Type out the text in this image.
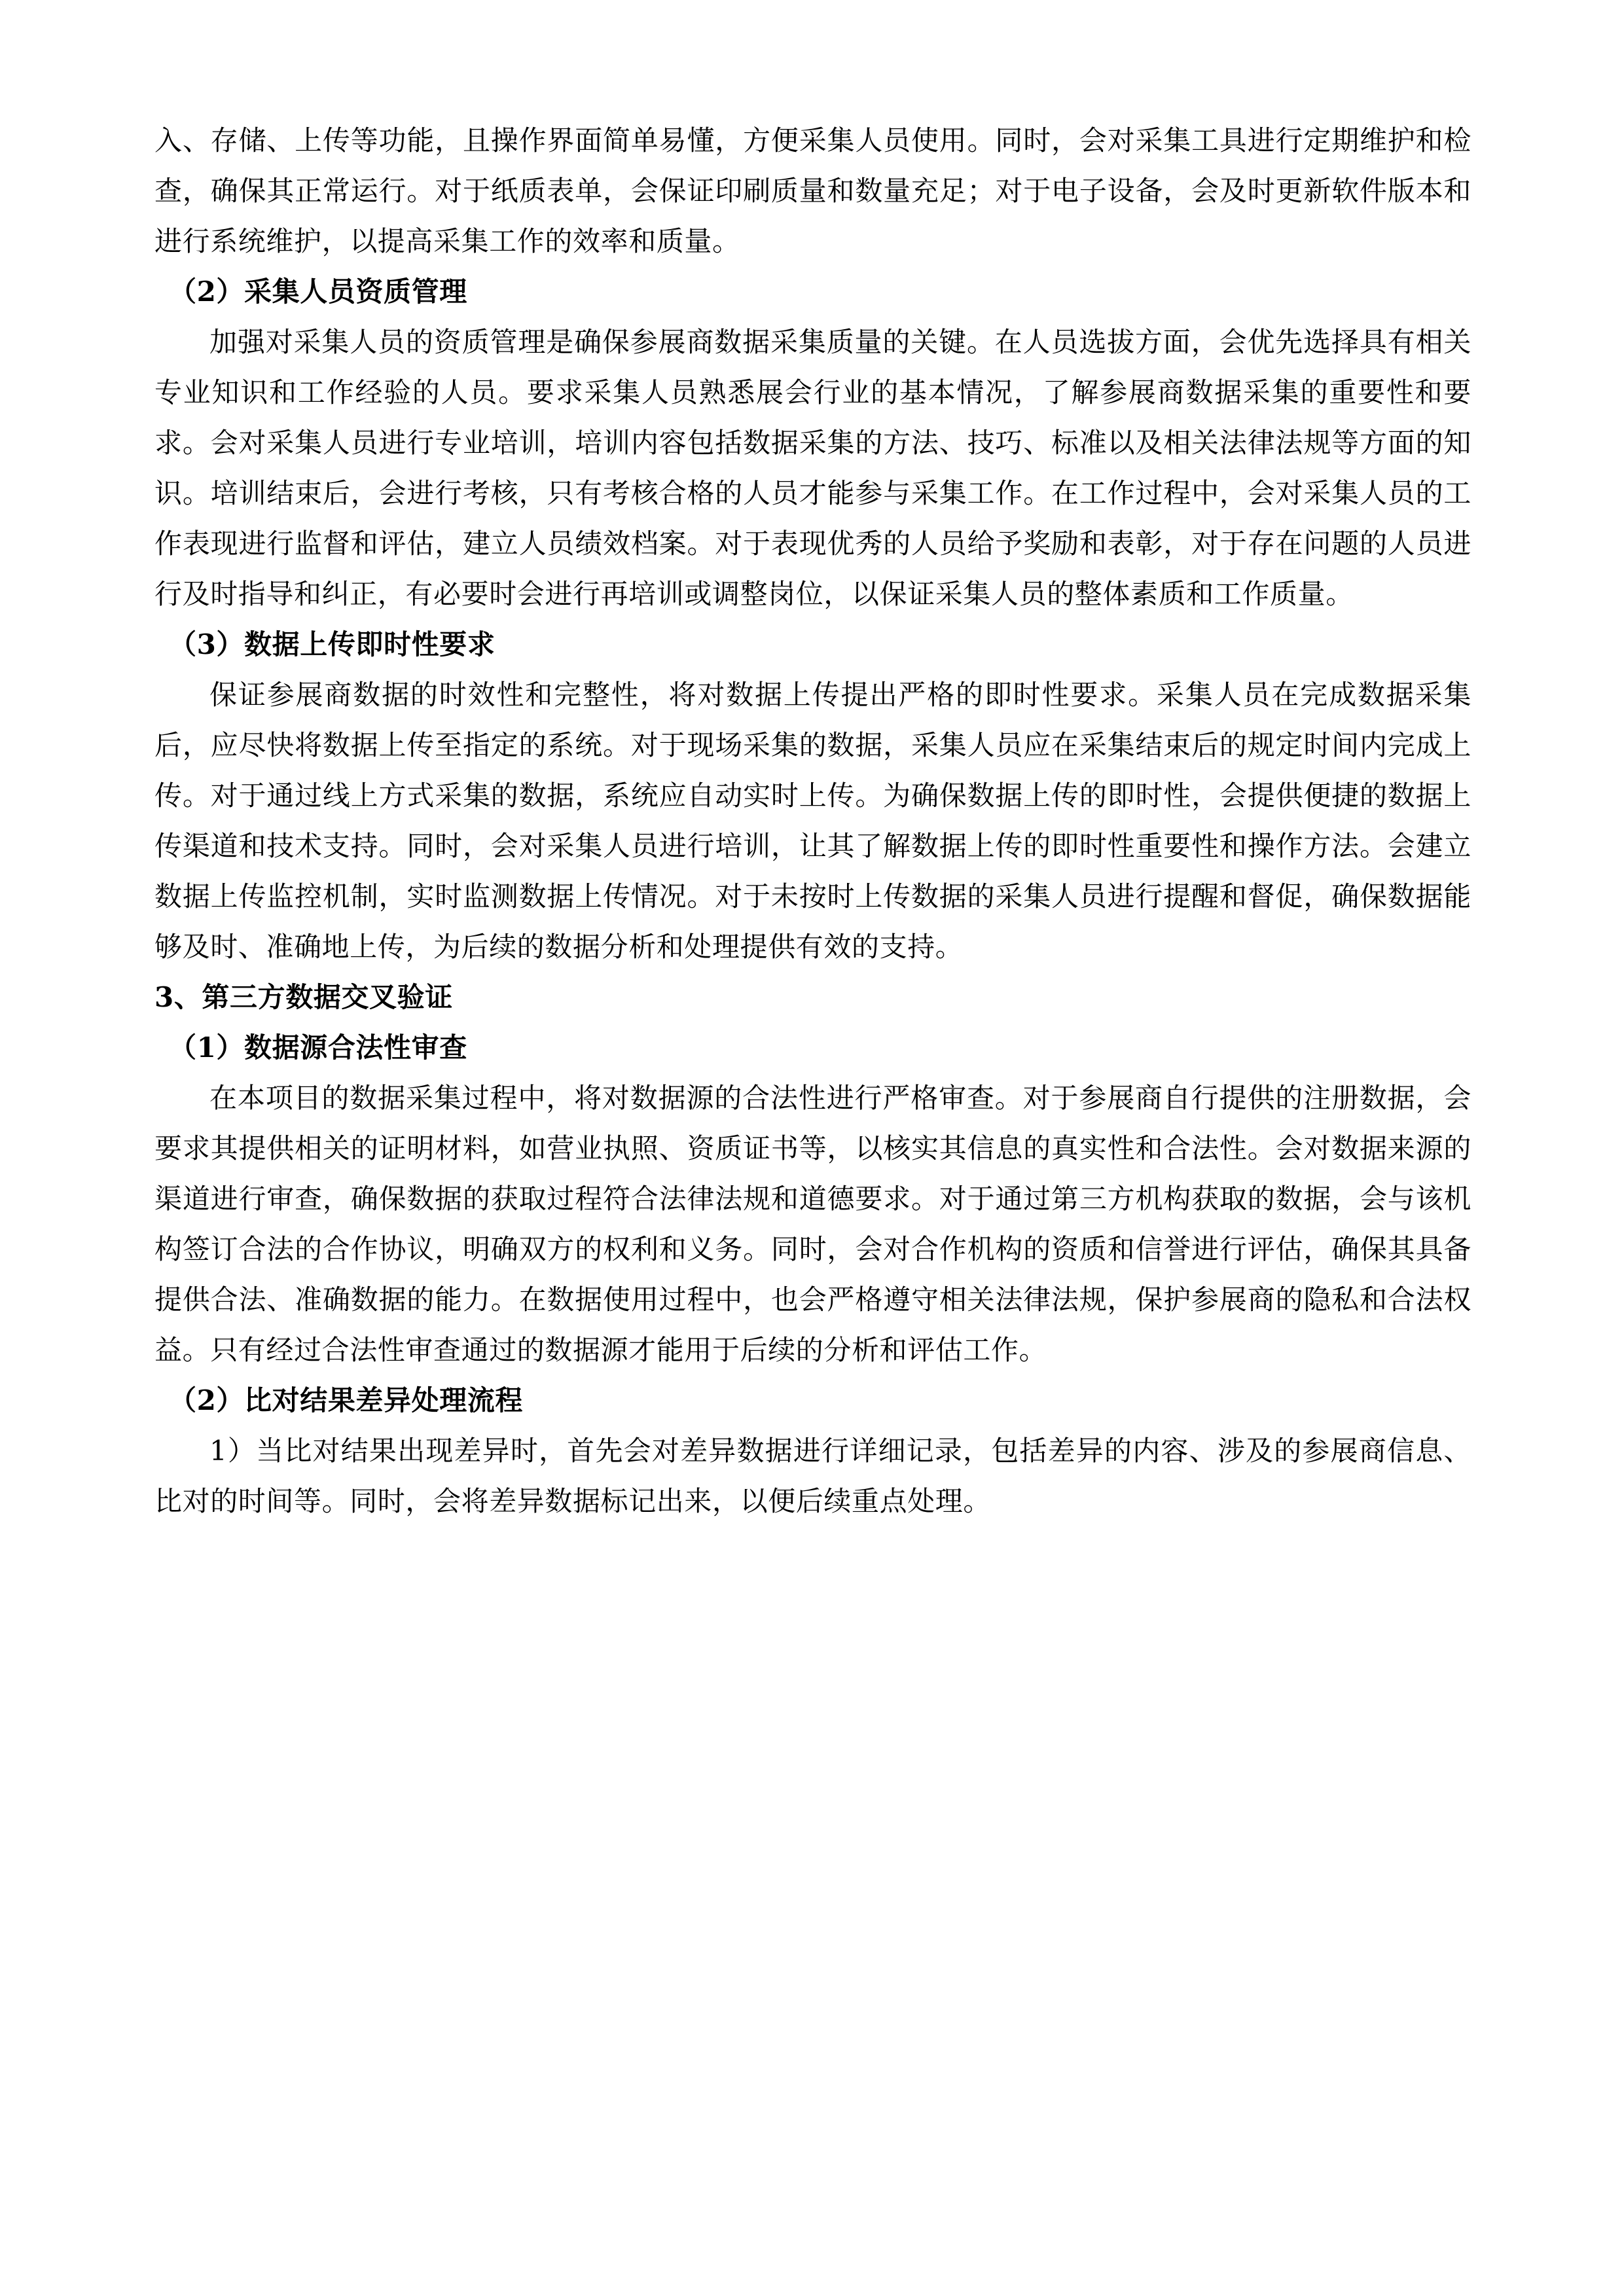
入、存储、上传等功能，且操作界面简单易懂，方便采集人员使用。同时，会对采集工具进行定期维护和检查，确保其正常运行。对于纸质表单，会保证印刷质量和数量充足；对于电子设备，会及时更新软件版本和进行系统维护，以提高采集工作的效率和质量。

（2）采集人员资质管理

加强对采集人员的资质管理是确保参展商数据采集质量的关键。在人员选拔方面，会优先选择具有相关专业知识和工作经验的人员。要求采集人员熟悉展会行业的基本情况，了解参展商数据采集的重要性和要求。会对采集人员进行专业培训，培训内容包括数据采集的方法、技巧、标准以及相关法律法规等方面的知识。培训结束后，会进行考核，只有考核合格的人员才能参与采集工作。在工作过程中，会对采集人员的工作表现进行监督和评估，建立人员绩效档案。对于表现优秀的人员给予奖励和表彰，对于存在问题的人员进行及时指导和纠正，有必要时会进行再培训或调整岗位，以保证采集人员的整体素质和工作质量。

（3）数据上传即时性要求

保证参展商数据的时效性和完整性，将对数据上传提出严格的即时性要求。采集人员在完成数据采集后，应尽快将数据上传至指定的系统。对于现场采集的数据，采集人员应在采集结束后的规定时间内完成上传。对于通过线上方式采集的数据，系统应自动实时上传。为确保数据上传的即时性，会提供便捷的数据上传渠道和技术支持。同时，会对采集人员进行培训，让其了解数据上传的即时性重要性和操作方法。会建立数据上传监控机制，实时监测数据上传情况。对于未按时上传数据的采集人员进行提醒和督促，确保数据能够及时、准确地上传，为后续的数据分析和处理提供有效的支持。

3、第三方数据交叉验证

（1）数据源合法性审查

在本项目的数据采集过程中，将对数据源的合法性进行严格审查。对于参展商自行提供的注册数据，会要求其提供相关的证明材料，如营业执照、资质证书等，以核实其信息的真实性和合法性。会对数据来源的渠道进行审查，确保数据的获取过程符合法律法规和道德要求。对于通过第三方机构获取的数据，会与该机构签订合法的合作协议，明确双方的权利和义务。同时，会对合作机构的资质和信誉进行评估，确保其具备提供合法、准确数据的能力。在数据使用过程中，也会严格遵守相关法律法规，保护参展商的隐私和合法权益。只有经过合法性审查通过的数据源才能用于后续的分析和评估工作。

（2）比对结果差异处理流程

1）当比对结果出现差异时，首先会对差异数据进行详细记录，包括差异的内容、涉及的参展商信息、比对的时间等。同时，会将差异数据标记出来，以便后续重点处理。
